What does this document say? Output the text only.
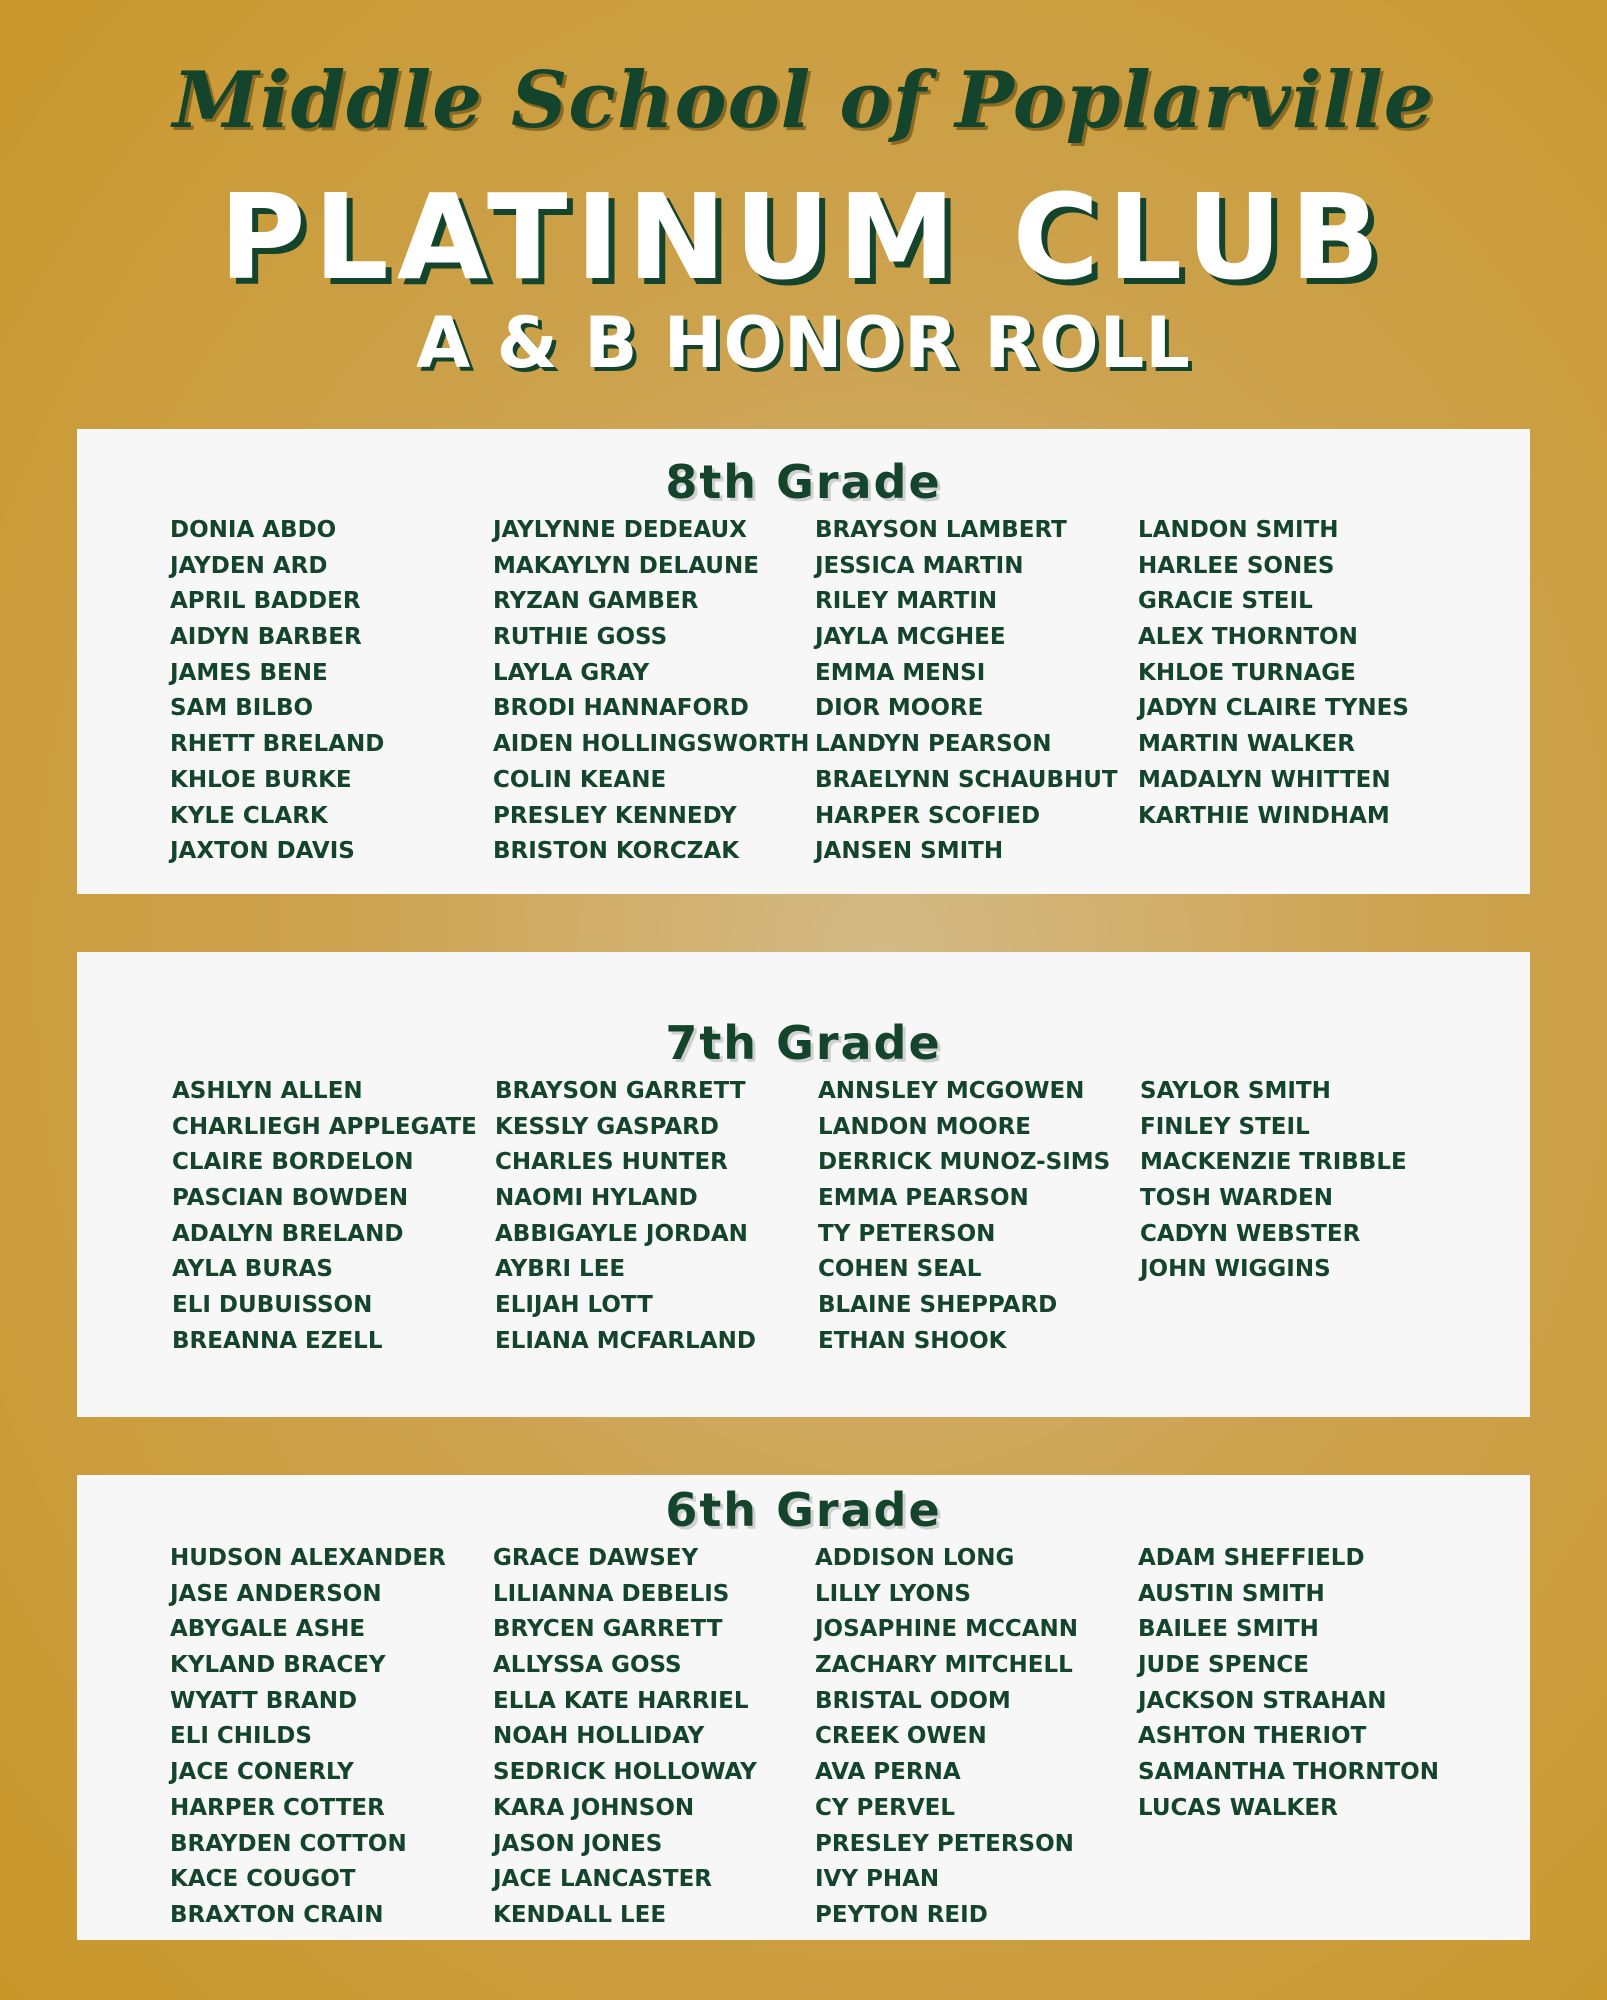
Middle School of Poplarville
PLATINUM CLUB
A & B HONOR ROLL
8th Grade
DONIA ABDO
JAYDEN ARD
APRIL BADDER
AIDYN BARBER
JAMES BENE
SAM BILBO
RHETT BRELAND
KHLOE BURKE
KYLE CLARK
JAXTON DAVIS
JAYLYNNE DEDEAUX
MAKAYLYN DELAUNE
RYZAN GAMBER
RUTHIE GOSS
LAYLA GRAY
BRODI HANNAFORD
AIDEN HOLLINGSWORTH
COLIN KEANE
PRESLEY KENNEDY
BRISTON KORCZAK
BRAYSON LAMBERT
JESSICA MARTIN
RILEY MARTIN
JAYLA MCGHEE
EMMA MENSI
DIOR MOORE
LANDYN PEARSON
BRAELYNN SCHAUBHUT
HARPER SCOFIED
JANSEN SMITH
LANDON SMITH
HARLEE SONES
GRACIE STEIL
ALEX THORNTON
KHLOE TURNAGE
JADYN CLAIRE TYNES
MARTIN WALKER
MADALYN WHITTEN
KARTHIE WINDHAM
7th Grade
ASHLYN ALLEN
CHARLIEGH APPLEGATE
CLAIRE BORDELON
PASCIAN BOWDEN
ADALYN BRELAND
AYLA BURAS
ELI DUBUISSON
BREANNA EZELL
BRAYSON GARRETT
KESSLY GASPARD
CHARLES HUNTER
NAOMI HYLAND
ABBIGAYLE JORDAN
AYBRI LEE
ELIJAH LOTT
ELIANA MCFARLAND
ANNSLEY MCGOWEN
LANDON MOORE
DERRICK MUNOZ-SIMS
EMMA PEARSON
TY PETERSON
COHEN SEAL
BLAINE SHEPPARD
ETHAN SHOOK
SAYLOR SMITH
FINLEY STEIL
MACKENZIE TRIBBLE
TOSH WARDEN
CADYN WEBSTER
JOHN WIGGINS
6th Grade
HUDSON ALEXANDER
JASE ANDERSON
ABYGALE ASHE
KYLAND BRACEY
WYATT BRAND
ELI CHILDS
JACE CONERLY
HARPER COTTER
BRAYDEN COTTON
KACE COUGOT
BRAXTON CRAIN
GRACE DAWSEY
LILIANNA DEBELIS
BRYCEN GARRETT
ALLYSSA GOSS
ELLA KATE HARRIEL
NOAH HOLLIDAY
SEDRICK HOLLOWAY
KARA JOHNSON
JASON JONES
JACE LANCASTER
KENDALL LEE
ADDISON LONG
LILLY LYONS
JOSAPHINE MCCANN
ZACHARY MITCHELL
BRISTAL ODOM
CREEK OWEN
AVA PERNA
CY PERVEL
PRESLEY PETERSON
IVY PHAN
PEYTON REID
ADAM SHEFFIELD
AUSTIN SMITH
BAILEE SMITH
JUDE SPENCE
JACKSON STRAHAN
ASHTON THERIOT
SAMANTHA THORNTON
LUCAS WALKER
